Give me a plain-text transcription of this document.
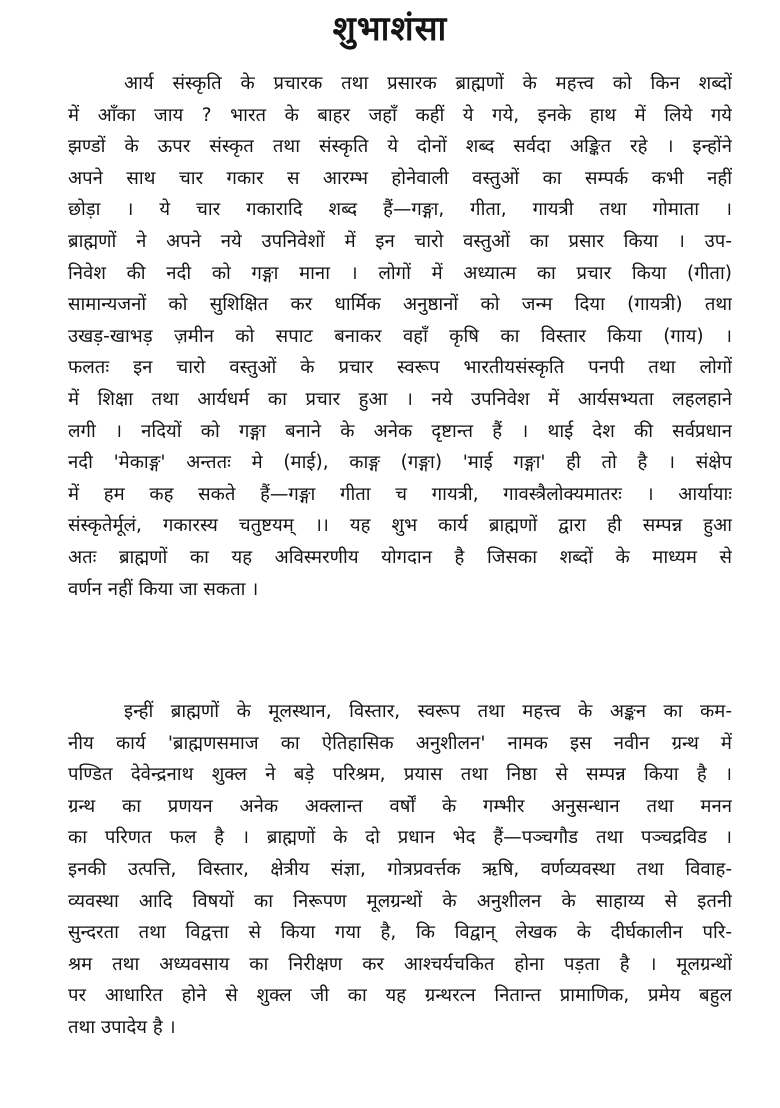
शुभाशंसा
आर्य संस्कृति के प्रचारक तथा प्रसारक ब्राह्मणों के महत्त्व को किन शब्दों
में आँका जाय ? भारत के बाहर जहाँ कहीं ये गये, इनके हाथ में लिये गये
झण्डों के ऊपर संस्कृत तथा संस्कृति ये दोनों शब्द सर्वदा अङ्कित रहे । इन्होंने
अपने साथ चार गकार स आरम्भ होनेवाली वस्तुओं का सम्पर्क कभी नहीं
छोड़ा । ये चार गकारादि शब्द हैं—गङ्गा, गीता, गायत्री तथा गोमाता ।
ब्राह्मणों ने अपने नये उपनिवेशों में इन चारो वस्तुओं का प्रसार किया । उप-
निवेश की नदी को गङ्गा माना । लोगों में अध्यात्म का प्रचार किया (गीता)
सामान्यजनों को सुशिक्षित कर धार्मिक अनुष्ठानों को जन्म दिया (गायत्री) तथा
उखड़-खाभड़ ज़मीन को सपाट बनाकर वहाँ कृषि का विस्तार किया (गाय) ।
फलतः इन चारो वस्तुओं के प्रचार स्वरूप भारतीयसंस्कृति पनपी तथा लोगों
में शिक्षा तथा आर्यधर्म का प्रचार हुआ । नये उपनिवेश में आर्यसभ्यता लहलहाने
लगी । नदियों को गङ्गा बनाने के अनेक दृष्टान्त हैं । थाई देश की सर्वप्रधान
नदी 'मेकाङ्ग' अन्ततः मे (माई), काङ्ग (गङ्गा) 'माई गङ्गा' ही तो है । संक्षेप
में हम कह सकते हैं—गङ्गा गीता च गायत्री, गावस्त्रैलोक्यमातरः । आर्यायाः
संस्कृतेर्मूलं, गकारस्य चतुष्टयम् ।। यह शुभ कार्य ब्राह्मणों द्वारा ही सम्पन्न हुआ
अतः ब्राह्मणों का यह अविस्मरणीय योगदान है जिसका शब्दों के माध्यम से
वर्णन नहीं किया जा सकता ।
इन्हीं ब्राह्मणों के मूलस्थान, विस्तार, स्वरूप तथा महत्त्व के अङ्कन का कम-
नीय कार्य 'ब्राह्मणसमाज का ऐतिहासिक अनुशीलन' नामक इस नवीन ग्रन्थ में
पण्डित देवेन्द्रनाथ शुक्ल ने बड़े परिश्रम, प्रयास तथा निष्ठा से सम्पन्न किया है ।
ग्रन्थ का प्रणयन अनेक अक्लान्त वर्षों के गम्भीर अनुसन्धान तथा मनन
का परिणत फल है । ब्राह्मणों के दो प्रधान भेद हैं—पञ्चगौड तथा पञ्चद्रविड ।
इनकी उत्पत्ति, विस्तार, क्षेत्रीय संज्ञा, गोत्रप्रवर्त्तक ऋषि, वर्णव्यवस्था तथा विवाह-
व्यवस्था आदि विषयों का निरूपण मूलग्रन्थों के अनुशीलन के साहाय्य से इतनी
सुन्दरता तथा विद्वत्ता से किया गया है, कि विद्वान् लेखक के दीर्घकालीन परि-
श्रम तथा अध्यवसाय का निरीक्षण कर आश्चर्यचकित होना पड़ता है । मूलग्रन्थों
पर आधारित होने से शुक्ल जी का यह ग्रन्थरत्न नितान्त प्रामाणिक, प्रमेय बहुल
तथा उपादेय है ।
